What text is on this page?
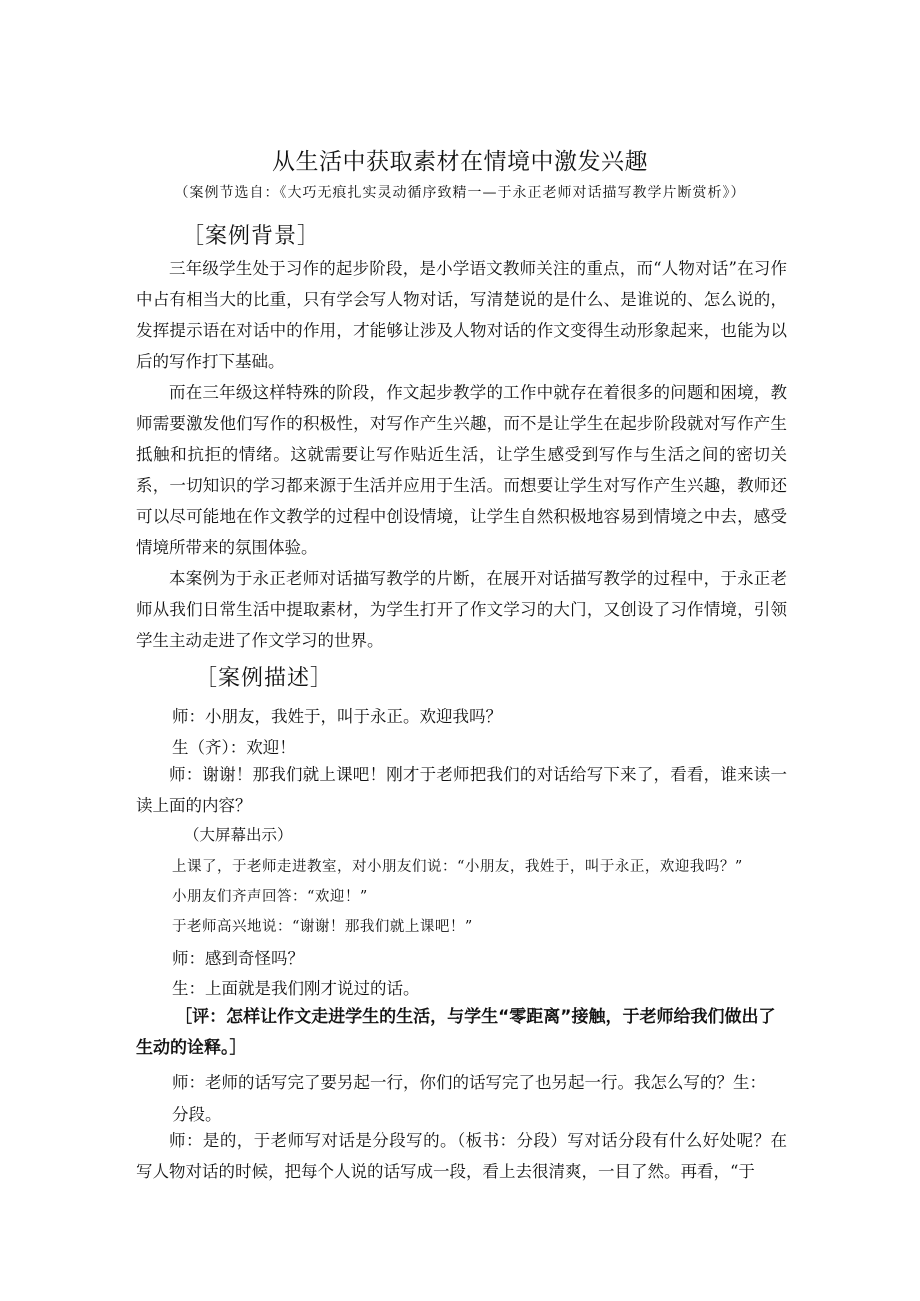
从生活中获取素材在情境中激发兴趣
（案例节选自：《大巧无痕扎实灵动循序致精一—于永正老师对话描写教学片断赏析》）
［案例背景］

三年级学生处于习作的起步阶段，是小学语文教师关注的重点，而“人物对话”在习作中占有相当大的比重，只有学会写人物对话，写清楚说的是什么、是谁说的、怎么说的，发挥提示语在对话中的作用，才能够让涉及人物对话的作文变得生动形象起来，也能为以后的写作打下基础。

而在三年级这样特殊的阶段，作文起步教学的工作中就存在着很多的问题和困境，教师需要激发他们写作的积极性，对写作产生兴趣，而不是让学生在起步阶段就对写作产生抵触和抗拒的情绪。这就需要让写作贴近生活，让学生感受到写作与生活之间的密切关系，一切知识的学习都来源于生活并应用于生活。而想要让学生对写作产生兴趣，教师还可以尽可能地在作文教学的过程中创设情境，让学生自然积极地容易到情境之中去，感受情境所带来的氛围体验。

本案例为于永正老师对话描写教学的片断，在展开对话描写教学的过程中，于永正老师从我们日常生活中提取素材，为学生打开了作文学习的大门，又创设了习作情境，引领学生主动走进了作文学习的世界。

［案例描述］
师：小朋友，我姓于，叫于永正。欢迎我吗？
生（齐）：欢迎！

师：谢谢！那我们就上课吧！刚才于老师把我们的对话给写下来了，看看，谁来读一读上面的内容？

（大屏幕出示）
上课了，于老师走进教室，对小朋友们说：“小朋友，我姓于，叫于永正，欢迎我吗？”
小朋友们齐声回答：“欢迎！”
于老师高兴地说：“谢谢！那我们就上课吧！”
师：感到奇怪吗？
生：上面就是我们刚才说过的话。

［评：怎样让作文走进学生的生活，与学生“零距离”接触，于老师给我们做出了生动的诠释。］

师：老师的话写完了要另起一行，你们的话写完了也另起一行。我怎么写的？生：
分段。

师：是的，于老师写对话是分段写的。（板书：分段）写对话分段有什么好处呢？在写人物对话的时候，把每个人说的话写成一段，看上去很清爽，一目了然。再看，“于
